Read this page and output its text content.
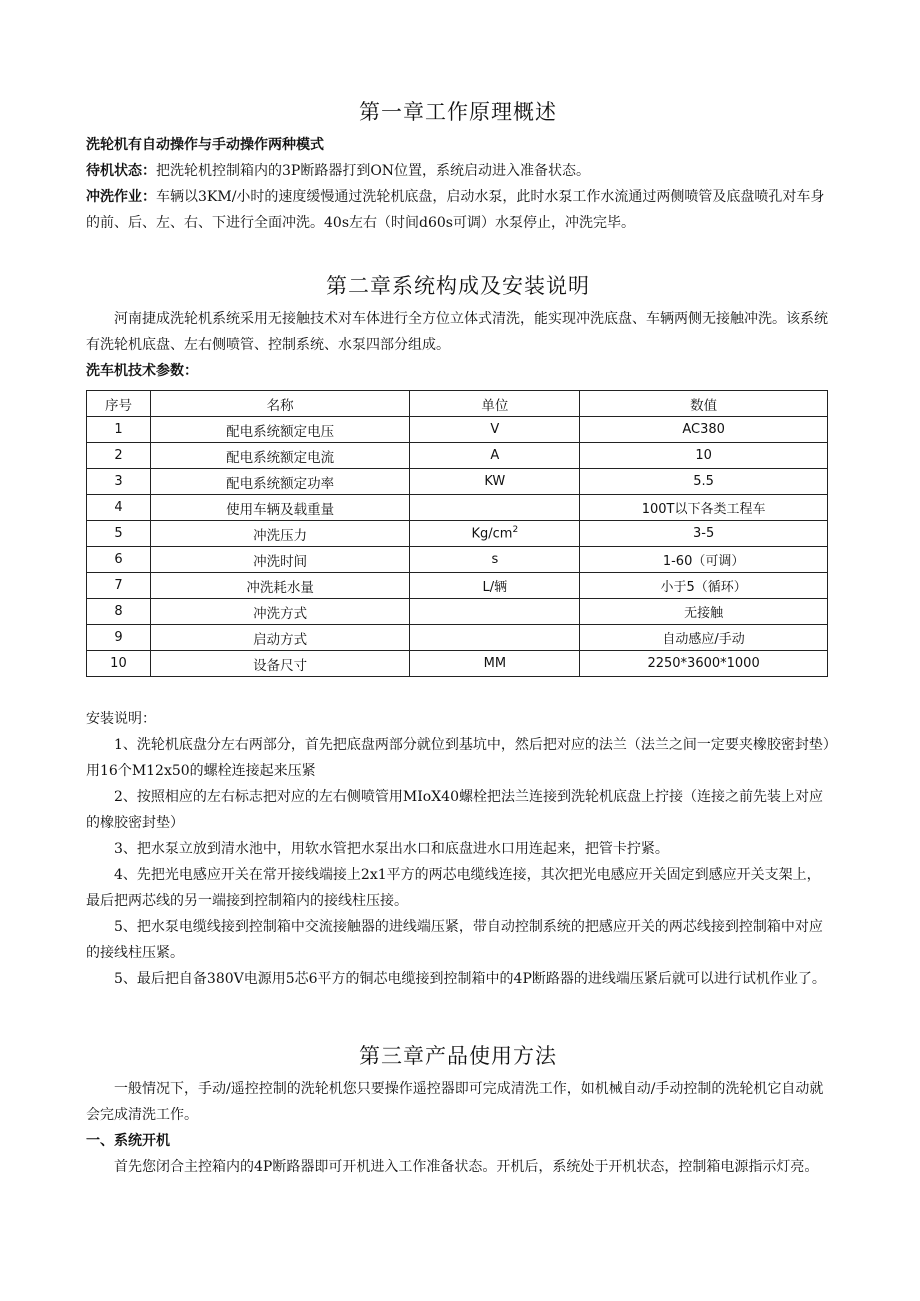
第一章工作原理概述

洗轮机有自动操作与手动操作两种模式

待机状态：把洗轮机控制箱内的3P断路器打到ON位置，系统启动进入准备状态。

冲洗作业：车辆以3KM/小时的速度缓慢通过洗轮机底盘，启动水泵，此时水泵工作水流通过两侧喷管及底盘喷孔对车身的前、后、左、右、下进行全面冲洗。40s左右（时间d60s可调）水泵停止，冲洗完毕。

第二章系统构成及安装说明

河南捷成洗轮机系统采用无接触技术对车体进行全方位立体式清洗，能实现冲洗底盘、车辆两侧无接触冲洗。该系统有洗轮机底盘、左右侧喷管、控制系统、水泵四部分组成。

洗车机技术参数：

序号	名称	单位	数值
1	配电系统额定电压	V	AC380
2	配电系统额定电流	A	10
3	配电系统额定功率	KW	5.5
4	使用车辆及载重量		100T以下各类工程车
5	冲洗压力	$Kg/cm^2$	3-5
6	冲洗时间	s	1-60（可调）
7	冲洗耗水量	L/辆	小于5（循环）
8	冲洗方式		无接触
9	启动方式		自动感应/手动
10	设备尺寸	MM	2250*3600*1000

安装说明：

1、洗轮机底盘分左右两部分，首先把底盘两部分就位到基坑中，然后把对应的法兰（法兰之间一定要夹橡胶密封垫）用16个M12x50的螺栓连接起来压紧

2、按照相应的左右标志把对应的左右侧喷管用MIoX40螺栓把法兰连接到洗轮机底盘上拧接（连接之前先装上对应的橡胶密封垫）

3、把水泵立放到清水池中，用软水管把水泵出水口和底盘进水口用连起来，把管卡拧紧。

4、先把光电感应开关在常开接线端接上2x1平方的两芯电缆线连接，其次把光电感应开关固定到感应开关支架上，最后把两芯线的另一端接到控制箱内的接线柱压接。

5、把水泵电缆线接到控制箱中交流接触器的进线端压紧，带自动控制系统的把感应开关的两芯线接到控制箱中对应的接线柱压紧。

5、最后把自备380V电源用5芯6平方的铜芯电缆接到控制箱中的4P断路器的进线端压紧后就可以进行试机作业了。

第三章产品使用方法

一般情况下，手动/遥控控制的洗轮机您只要操作遥控器即可完成清洗工作，如机械自动/手动控制的洗轮机它自动就会完成清洗工作。

一、系统开机

首先您闭合主控箱内的4P断路器即可开机进入工作准备状态。开机后，系统处于开机状态，控制箱电源指示灯亮。
